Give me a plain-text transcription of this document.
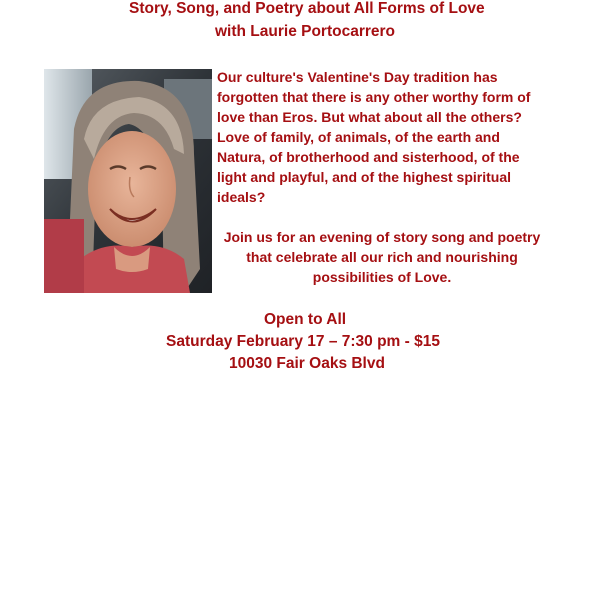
Story, Song, and Poetry about All Forms of Love
with Laurie Portocarrero

Our culture's Valentine's Day tradition has forgotten that there is any other worthy form of love than Eros. But what about all the others? Love of family, of animals, of the earth and Natura, of brotherhood and sisterhood, of the light and playful, and of the highest spiritual ideals?

Join us for an evening of story song and poetry that celebrate all our rich and nourishing possibilities of Love.

Open to All
Saturday February 17 – 7:30 pm - $15
10030 Fair Oaks Blvd
